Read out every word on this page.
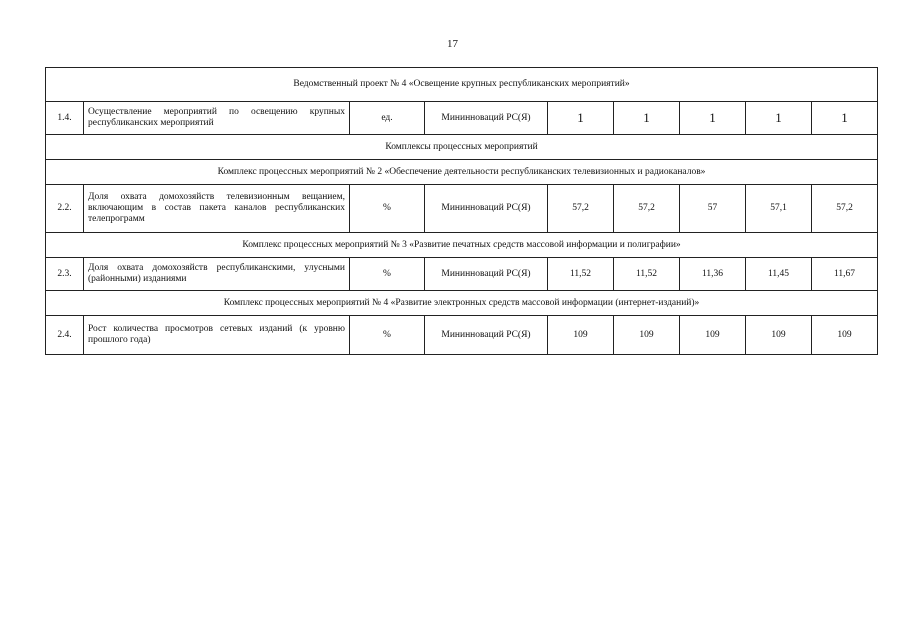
17
Ведомственный проект № 4 «Освещение крупных республиканских мероприятий»								
1.4.	Осуществление мероприятий по освещению крупных республиканских мероприятий	ед.	Мининноваций РС(Я)	1	1	1	1	1
Комплексы процессных мероприятий								
Комплекс процессных мероприятий № 2 «Обеспечение деятельности республиканских телевизионных и радиоканалов»								
2.2.	Доля охвата домохозяйств телевизионным вещанием, включающим в состав пакета каналов республиканских телепрограмм	%	Мининноваций РС(Я)	57,2	57,2	57	57,1	57,2
Комплекс процессных мероприятий № 3 «Развитие печатных средств массовой информации и полиграфии»								
2.3.	Доля охвата домохозяйств республиканскими, улусными (районными) изданиями	%	Мининноваций РС(Я)	11,52	11,52	11,36	11,45	11,67
Комплекс процессных мероприятий № 4 «Развитие электронных средств массовой информации (интернет-изданий)»								
2.4.	Рост количества просмотров сетевых изданий (к уровню прошлого года)	%	Мининноваций РС(Я)	109	109	109	109	109
